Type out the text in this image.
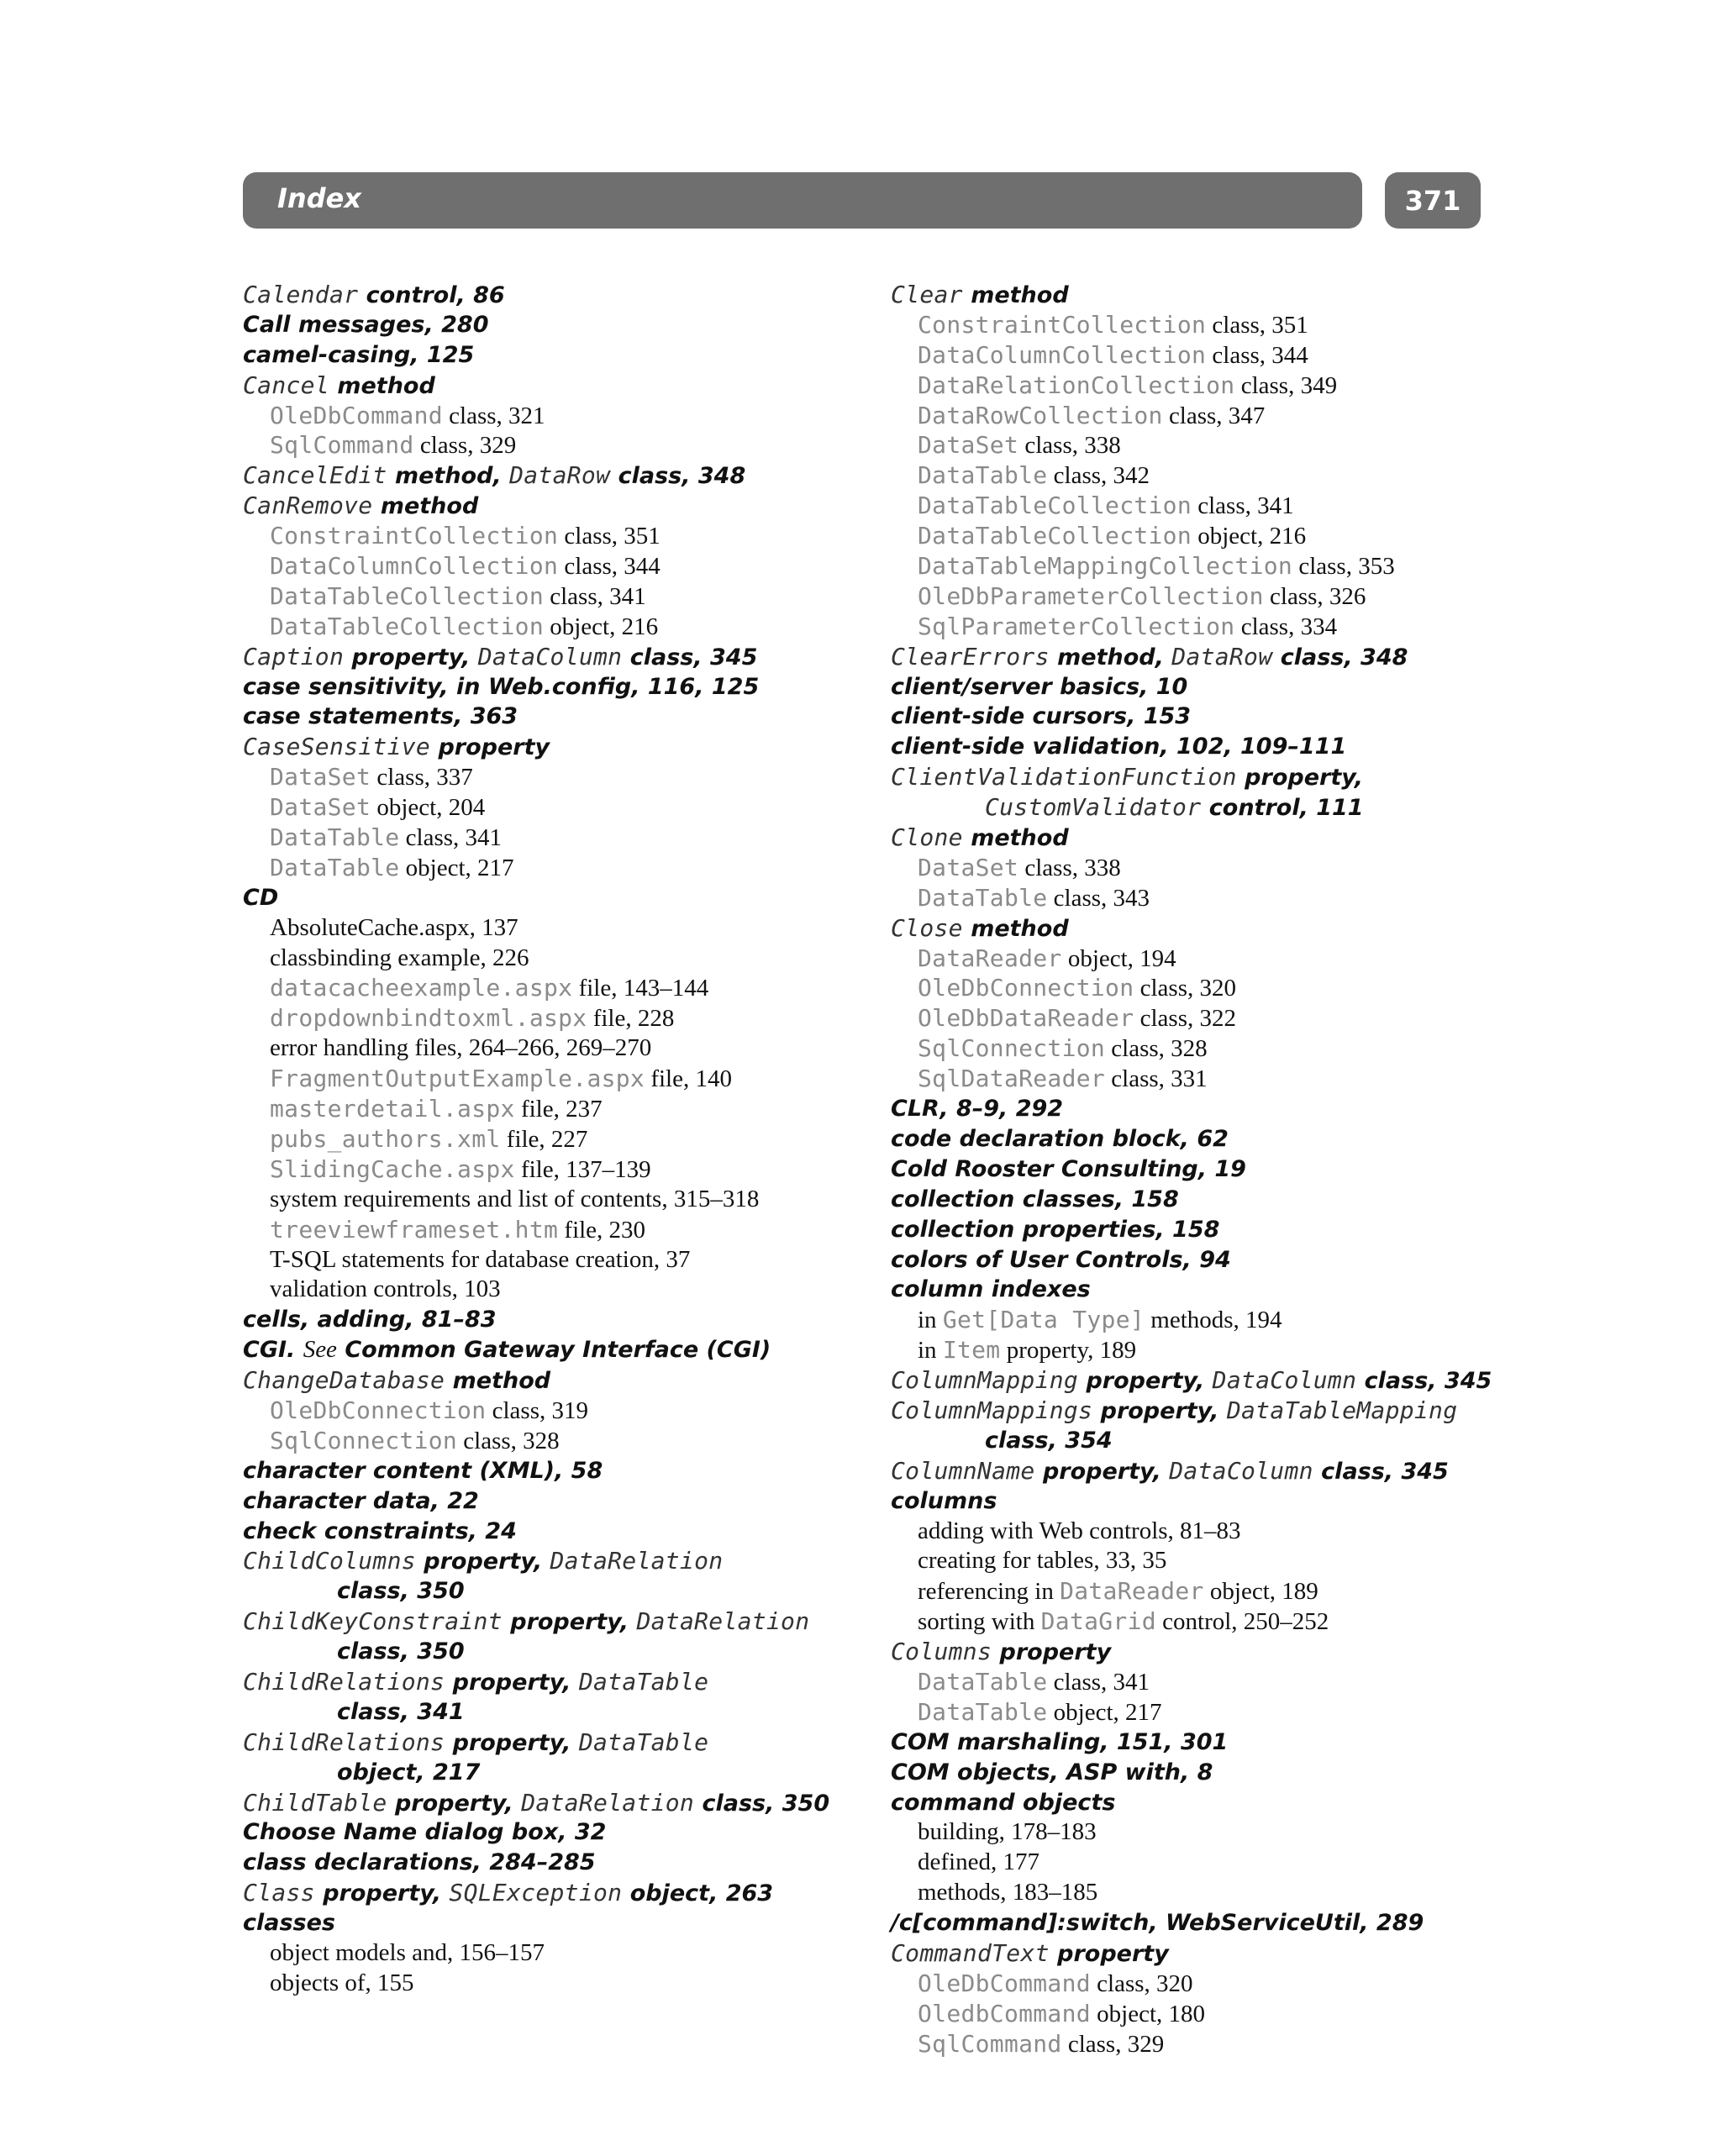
Index	371
Calendar control, 86
Call messages, 280
camel-casing, 125
Cancel method
OleDbCommand class, 321
SqlCommand class, 329
CancelEdit method, DataRow class, 348
CanRemove method
ConstraintCollection class, 351
DataColumnCollection class, 344
DataTableCollection class, 341
DataTableCollection object, 216
Caption property, DataColumn class, 345
case sensitivity, in Web.config, 116, 125
case statements, 363
CaseSensitive property
DataSet class, 337
DataSet object, 204
DataTable class, 341
DataTable object, 217
CD
AbsoluteCache.aspx, 137
classbinding example, 226
datacacheexample.aspx file, 143–144
dropdownbindtoxml.aspx file, 228
error handling files, 264–266, 269–270
FragmentOutputExample.aspx file, 140
masterdetail.aspx file, 237
pubs_authors.xml file, 227
SlidingCache.aspx file, 137–139
system requirements and list of contents, 315–318
treeviewframeset.htm file, 230
T-SQL statements for database creation, 37
validation controls, 103
cells, adding, 81–83
CGI. See Common Gateway Interface (CGI)
ChangeDatabase method
OleDbConnection class, 319
SqlConnection class, 328
character content (XML), 58
character data, 22
check constraints, 24
ChildColumns property, DataRelation
class, 350
ChildKeyConstraint property, DataRelation
class, 350
ChildRelations property, DataTable
class, 341
ChildRelations property, DataTable
object, 217
ChildTable property, DataRelation class, 350
Choose Name dialog box, 32
class declarations, 284–285
Class property, SQLException object, 263
classes
object models and, 156–157
objects of, 155
Clear method
ConstraintCollection class, 351
DataColumnCollection class, 344
DataRelationCollection class, 349
DataRowCollection class, 347
DataSet class, 338
DataTable class, 342
DataTableCollection class, 341
DataTableCollection object, 216
DataTableMappingCollection class, 353
OleDbParameterCollection class, 326
SqlParameterCollection class, 334
ClearErrors method, DataRow class, 348
client/server basics, 10
client-side cursors, 153
client-side validation, 102, 109–111
ClientValidationFunction property,
CustomValidator control, 111
Clone method
DataSet class, 338
DataTable class, 343
Close method
DataReader object, 194
OleDbConnection class, 320
OleDbDataReader class, 322
SqlConnection class, 328
SqlDataReader class, 331
CLR, 8–9, 292
code declaration block, 62
Cold Rooster Consulting, 19
collection classes, 158
collection properties, 158
colors of User Controls, 94
column indexes
in Get[Data Type] methods, 194
in Item property, 189
ColumnMapping property, DataColumn class, 345
ColumnMappings property, DataTableMapping
class, 354
ColumnName property, DataColumn class, 345
columns
adding with Web controls, 81–83
creating for tables, 33, 35
referencing in DataReader object, 189
sorting with DataGrid control, 250–252
Columns property
DataTable class, 341
DataTable object, 217
COM marshaling, 151, 301
COM objects, ASP with, 8
command objects
building, 178–183
defined, 177
methods, 183–185
/c[command]:switch, WebServiceUtil, 289
CommandText property
OleDbCommand class, 320
OledbCommand object, 180
SqlCommand class, 329
